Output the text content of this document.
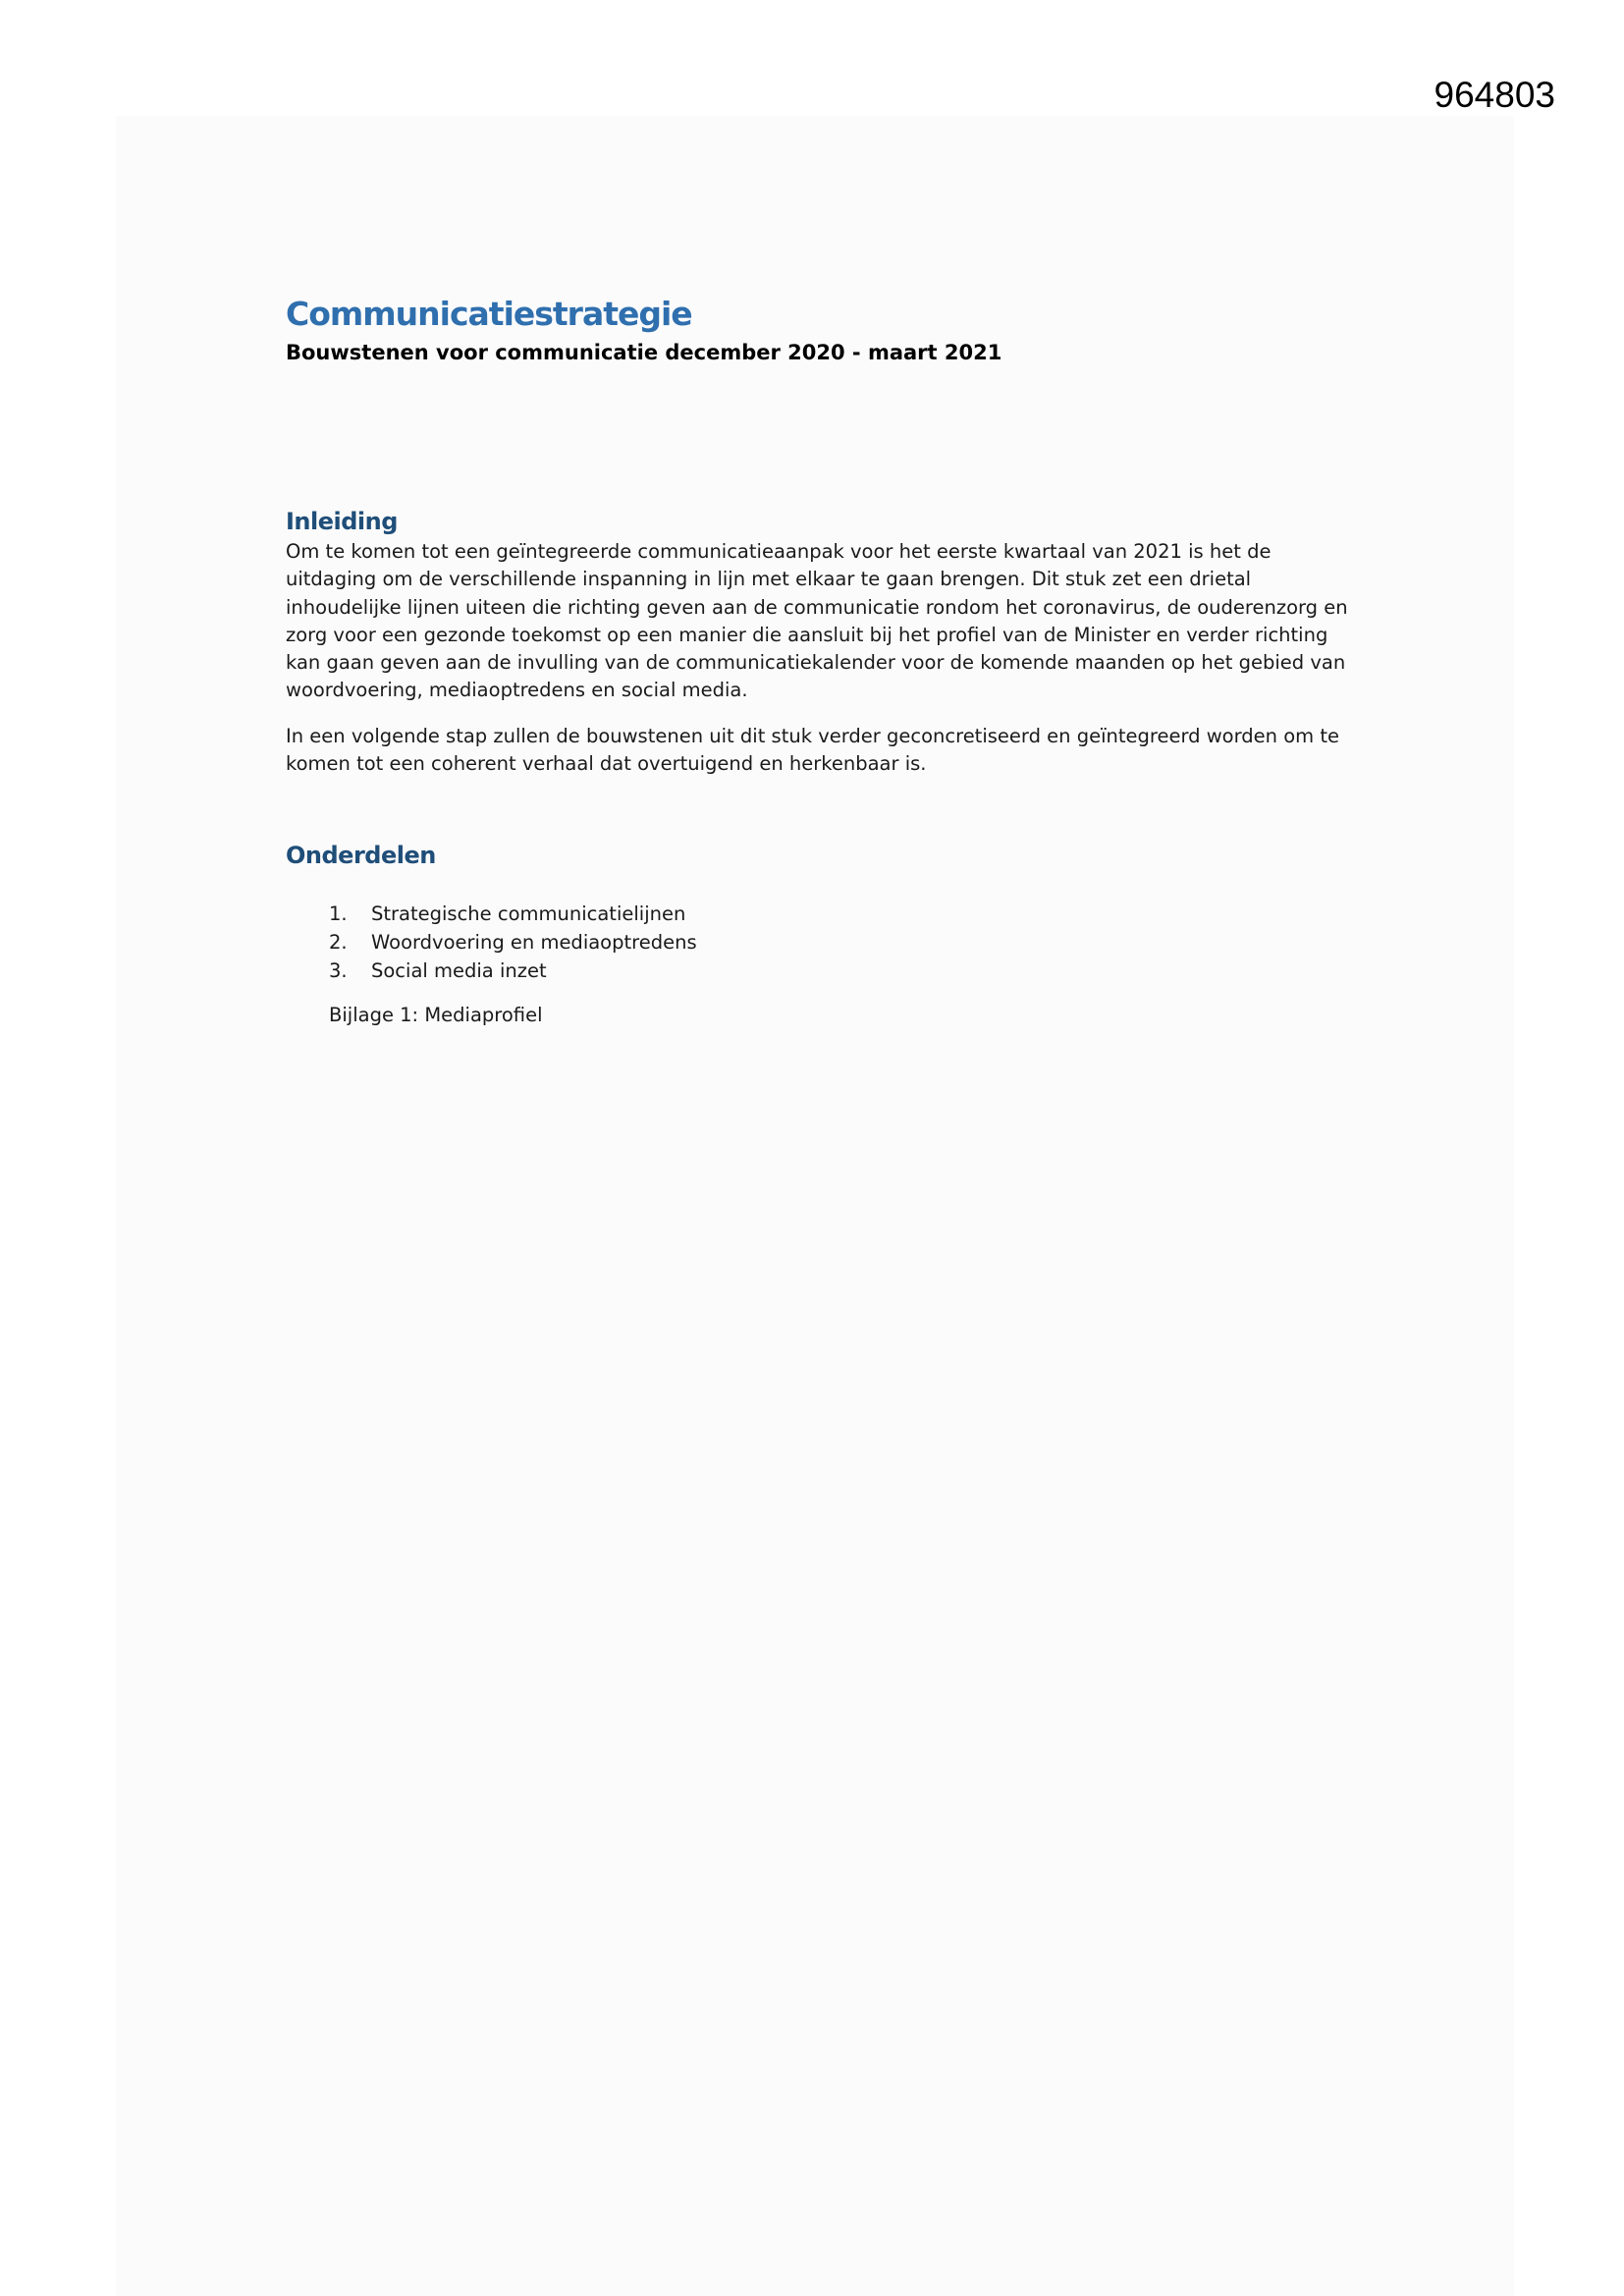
964803
Communicatiestrategie

Bouwstenen voor communicatie december 2020 - maart 2021

Inleiding

Om te komen tot een geïntegreerde communicatieaanpak voor het eerste kwartaal van 2021 is het de uitdaging om de verschillende inspanning in lijn met elkaar te gaan brengen. Dit stuk zet een drietal inhoudelijke lijnen uiteen die richting geven aan de communicatie rondom het coronavirus, de ouderenzorg en zorg voor een gezonde toekomst op een manier die aansluit bij het profiel van de Minister en verder richting kan gaan geven aan de invulling van de communicatiekalender voor de komende maanden op het gebied van woordvoering, mediaoptredens en social media.

In een volgende stap zullen de bouwstenen uit dit stuk verder geconcretiseerd en geïntegreerd worden om te komen tot een coherent verhaal dat overtuigend en herkenbaar is.

Onderdelen
1.	Strategische communicatielijnen
2.	Woordvoering en mediaoptredens
3.	Social media inzet

Bijlage 1: Mediaprofiel
